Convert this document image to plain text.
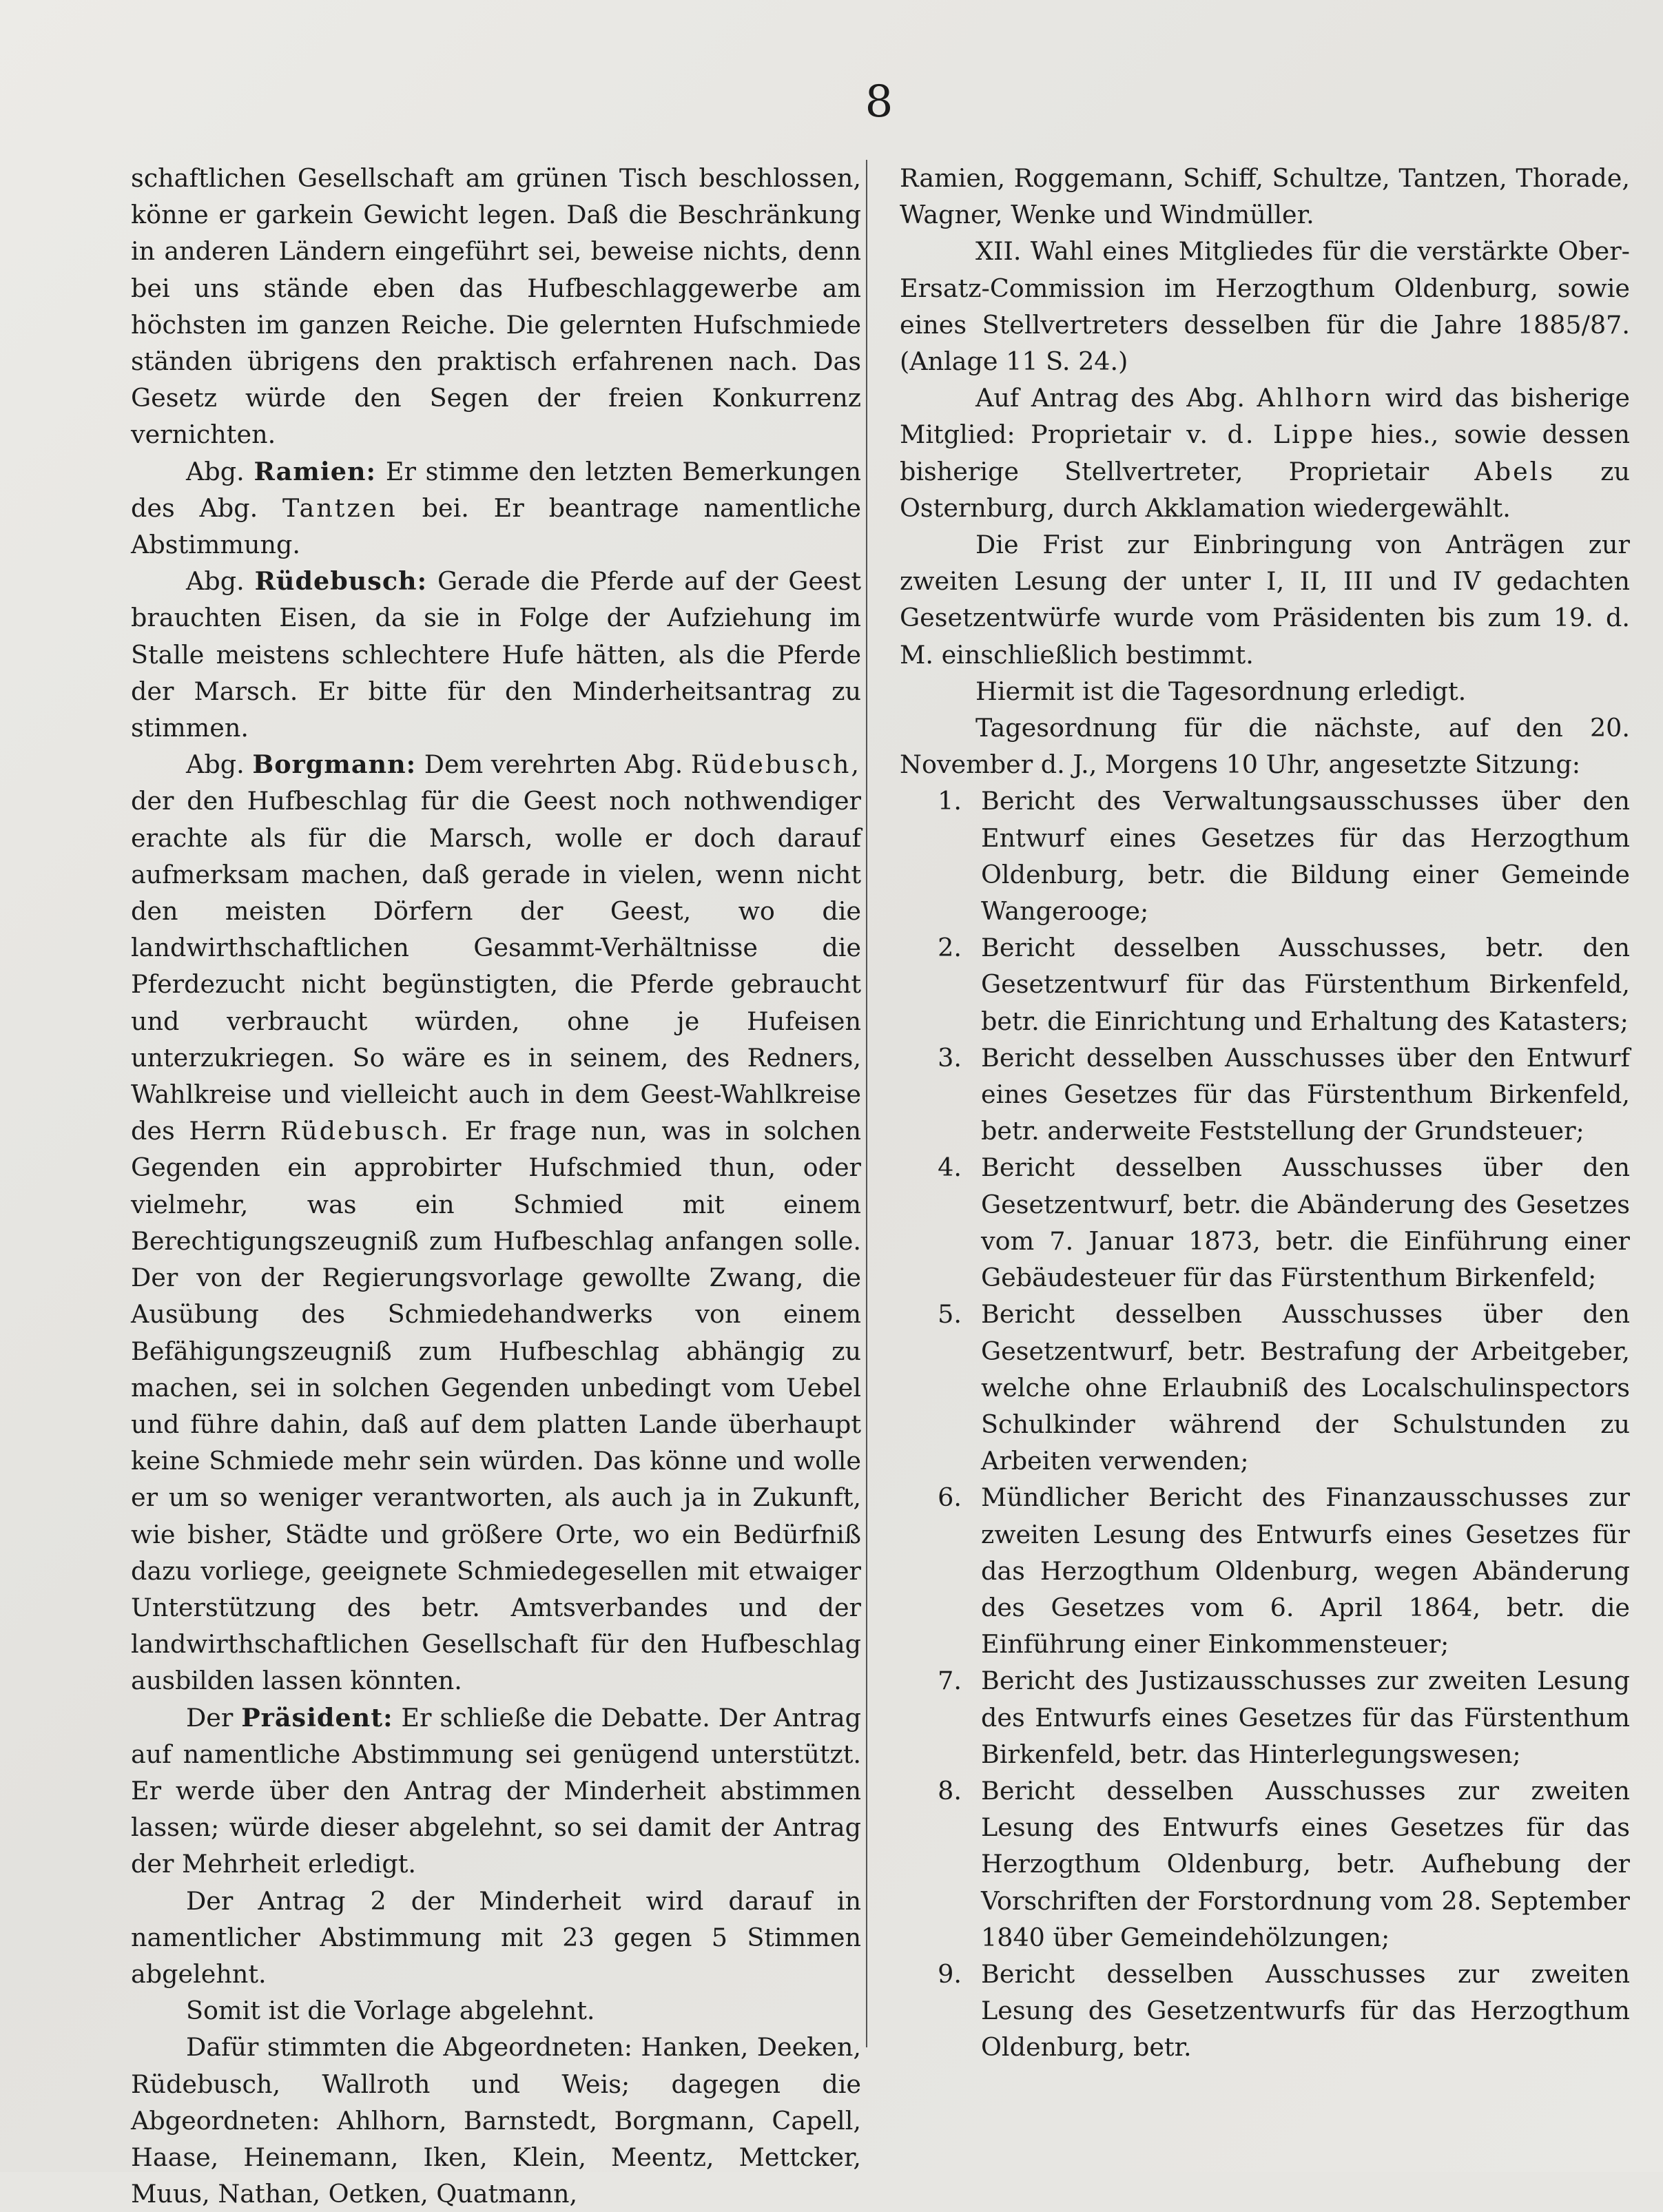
8

schaftlichen Gesellschaft am grünen Tisch beschlossen, könne er garkein Gewicht legen. Daß die Beschränkung in anderen Ländern eingeführt sei, beweise nichts, denn bei uns stände eben das Hufbeschlaggewerbe am höchsten im ganzen Reiche. Die gelernten Hufschmiede ständen übrigens den praktisch erfahrenen nach. Das Gesetz würde den Segen der freien Konkurrenz vernichten.

Abg. Ramien: Er stimme den letzten Bemerkungen des Abg. Tantzen bei. Er beantrage namentliche Abstimmung.

Abg. Rüdebusch: Gerade die Pferde auf der Geest brauchten Eisen, da sie in Folge der Aufziehung im Stalle meistens schlechtere Hufe hätten, als die Pferde der Marsch. Er bitte für den Minderheitsantrag zu stimmen.

Abg. Borgmann: Dem verehrten Abg. Rüdebusch, der den Hufbeschlag für die Geest noch nothwendiger erachte als für die Marsch, wolle er doch darauf aufmerksam machen, daß gerade in vielen, wenn nicht den meisten Dörfern der Geest, wo die landwirthschaftlichen Gesammt-Verhältnisse die Pferdezucht nicht begünstigten, die Pferde gebraucht und verbraucht würden, ohne je Hufeisen unterzukriegen. So wäre es in seinem, des Redners, Wahlkreise und vielleicht auch in dem Geest-Wahlkreise des Herrn Rüdebusch. Er frage nun, was in solchen Gegenden ein approbirter Hufschmied thun, oder vielmehr, was ein Schmied mit einem Berechtigungszeugniß zum Hufbeschlag anfangen solle. Der von der Regierungsvorlage gewollte Zwang, die Ausübung des Schmiedehandwerks von einem Befähigungszeugniß zum Hufbeschlag abhängig zu machen, sei in solchen Gegenden unbedingt vom Uebel und führe dahin, daß auf dem platten Lande überhaupt keine Schmiede mehr sein würden. Das könne und wolle er um so weniger verantworten, als auch ja in Zukunft, wie bisher, Städte und größere Orte, wo ein Bedürfniß dazu vorliege, geeignete Schmiedegesellen mit etwaiger Unterstützung des betr. Amtsverbandes und der landwirthschaftlichen Gesellschaft für den Hufbeschlag ausbilden lassen könnten.

Der Präsident: Er schließe die Debatte. Der Antrag auf namentliche Abstimmung sei genügend unterstützt. Er werde über den Antrag der Minderheit abstimmen lassen; würde dieser abgelehnt, so sei damit der Antrag der Mehrheit erledigt.

Der Antrag 2 der Minderheit wird darauf in namentlicher Abstimmung mit 23 gegen 5 Stimmen abgelehnt.

Somit ist die Vorlage abgelehnt.

Dafür stimmten die Abgeordneten: Hanken, Deeken, Rüdebusch, Wallroth und Weis; dagegen die Abgeordneten: Ahlhorn, Barnstedt, Borgmann, Capell, Haase, Heinemann, Iken, Klein, Meentz, Mettcker, Muus, Nathan, Oetken, Quatmann,

Ramien, Roggemann, Schiff, Schultze, Tantzen, Thorade, Wagner, Wenke und Windmüller.

XII. Wahl eines Mitgliedes für die verstärkte Ober-Ersatz-Commission im Herzogthum Oldenburg, sowie eines Stellvertreters desselben für die Jahre 1885/87. (Anlage 11 S. 24.)

Auf Antrag des Abg. Ahlhorn wird das bisherige Mitglied: Proprietair v. d. Lippe hies., sowie dessen bisherige Stellvertreter, Proprietair Abels zu Osternburg, durch Akklamation wiedergewählt.

Die Frist zur Einbringung von Anträgen zur zweiten Lesung der unter I, II, III und IV gedachten Gesetzentwürfe wurde vom Präsidenten bis zum 19. d. M. einschließlich bestimmt.

Hiermit ist die Tagesordnung erledigt.

Tagesordnung für die nächste, auf den 20. November d. J., Morgens 10 Uhr, angesetzte Sitzung:

1. Bericht des Verwaltungsausschusses über den Entwurf eines Gesetzes für das Herzogthum Oldenburg, betr. die Bildung einer Gemeinde Wangerooge;
2. Bericht desselben Ausschusses, betr. den Gesetzentwurf für das Fürstenthum Birkenfeld, betr. die Einrichtung und Erhaltung des Katasters;
3. Bericht desselben Ausschusses über den Entwurf eines Gesetzes für das Fürstenthum Birkenfeld, betr. anderweite Feststellung der Grundsteuer;
4. Bericht desselben Ausschusses über den Gesetzentwurf, betr. die Abänderung des Gesetzes vom 7. Januar 1873, betr. die Einführung einer Gebäudesteuer für das Fürstenthum Birkenfeld;
5. Bericht desselben Ausschusses über den Gesetzentwurf, betr. Bestrafung der Arbeitgeber, welche ohne Erlaubniß des Localschulinspectors Schulkinder während der Schulstunden zu Arbeiten verwenden;
6. Mündlicher Bericht des Finanzausschusses zur zweiten Lesung des Entwurfs eines Gesetzes für das Herzogthum Oldenburg, wegen Abänderung des Gesetzes vom 6. April 1864, betr. die Einführung einer Einkommensteuer;
7. Bericht des Justizausschusses zur zweiten Lesung des Entwurfs eines Gesetzes für das Fürstenthum Birkenfeld, betr. das Hinterlegungswesen;
8. Bericht desselben Ausschusses zur zweiten Lesung des Entwurfs eines Gesetzes für das Herzogthum Oldenburg, betr. Aufhebung der Vorschriften der Forstordnung vom 28. September 1840 über Gemeindehölzungen;
9. Bericht desselben Ausschusses zur zweiten Lesung des Gesetzentwurfs für das Herzogthum Oldenburg, betr.
